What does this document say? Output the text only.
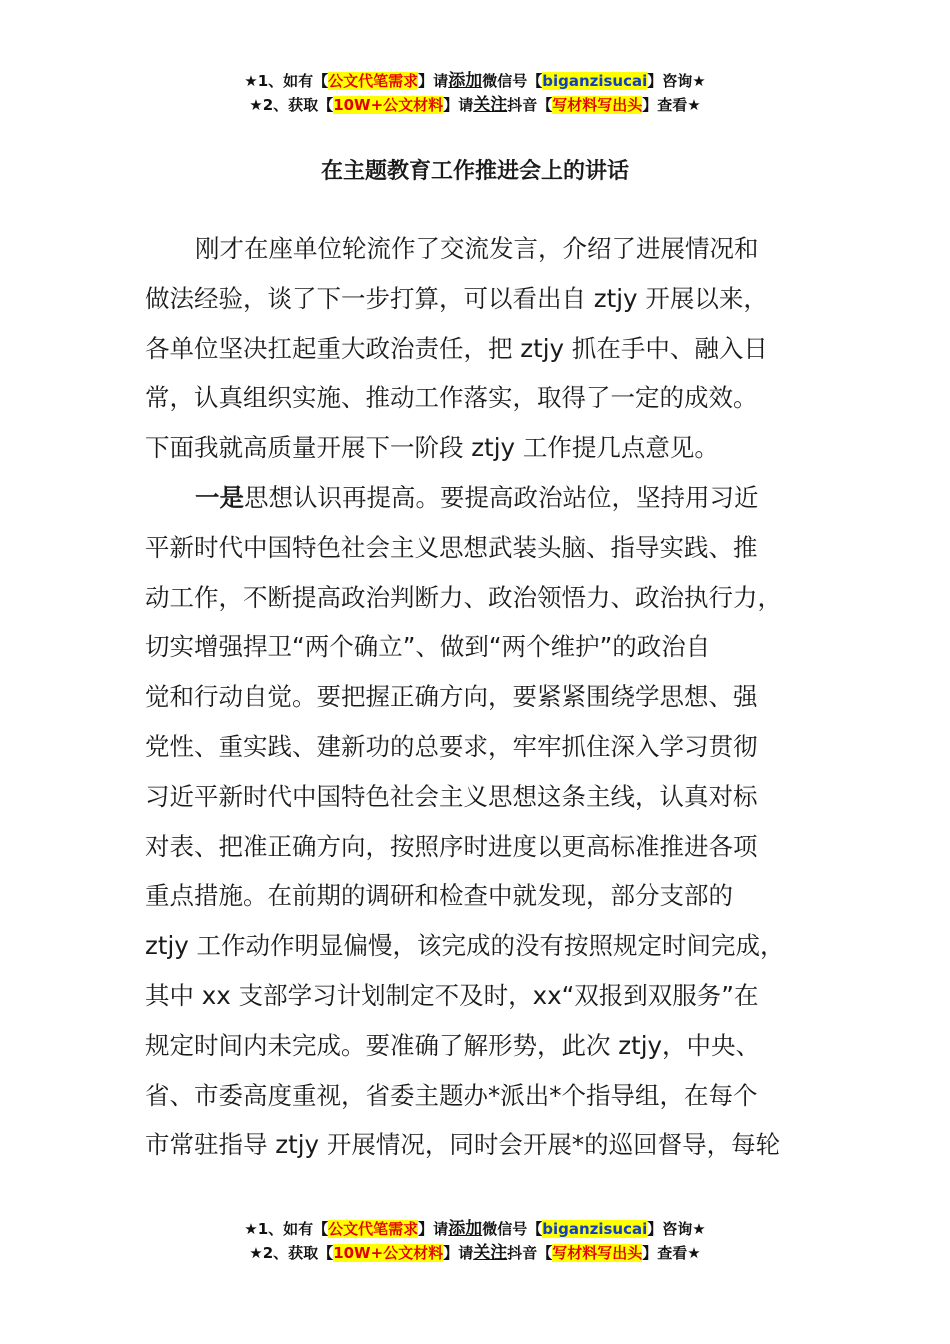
★1、如有【公文代笔需求】请添加微信号【biganzisucai】咨询★
★2、获取【10W+公文材料】请关注抖音【写材料写出头】查看★
在主题教育工作推进会上的讲话
刚才在座单位轮流作了交流发言，介绍了进展情况和
做法经验，谈了下一步打算，可以看出自 ztjy 开展以来，
各单位坚决扛起重大政治责任，把 ztjy 抓在手中、融入日
常，认真组织实施、推动工作落实，取得了一定的成效。
下面我就高质量开展下一阶段 ztjy 工作提几点意见。
一是思想认识再提高。要提高政治站位，坚持用习近
平新时代中国特色社会主义思想武装头脑、指导实践、推
动工作，不断提高政治判断力、政治领悟力、政治执行力，
切实增强捍卫“两个确立”、做到“两个维护”的政治自
觉和行动自觉。要把握正确方向，要紧紧围绕学思想、强
党性、重实践、建新功的总要求，牢牢抓住深入学习贯彻
习近平新时代中国特色社会主义思想这条主线，认真对标
对表、把准正确方向，按照序时进度以更高标准推进各项
重点措施。在前期的调研和检查中就发现，部分支部的
ztjy 工作动作明显偏慢，该完成的没有按照规定时间完成，
其中 xx 支部学习计划制定不及时，xx“双报到双服务”在
规定时间内未完成。要准确了解形势，此次 ztjy，中央、
省、市委高度重视，省委主题办*派出*个指导组，在每个
市常驻指导 ztjy 开展情况，同时会开展*的巡回督导，每轮
★1、如有【公文代笔需求】请添加微信号【biganzisucai】咨询★
★2、获取【10W+公文材料】请关注抖音【写材料写出头】查看★
